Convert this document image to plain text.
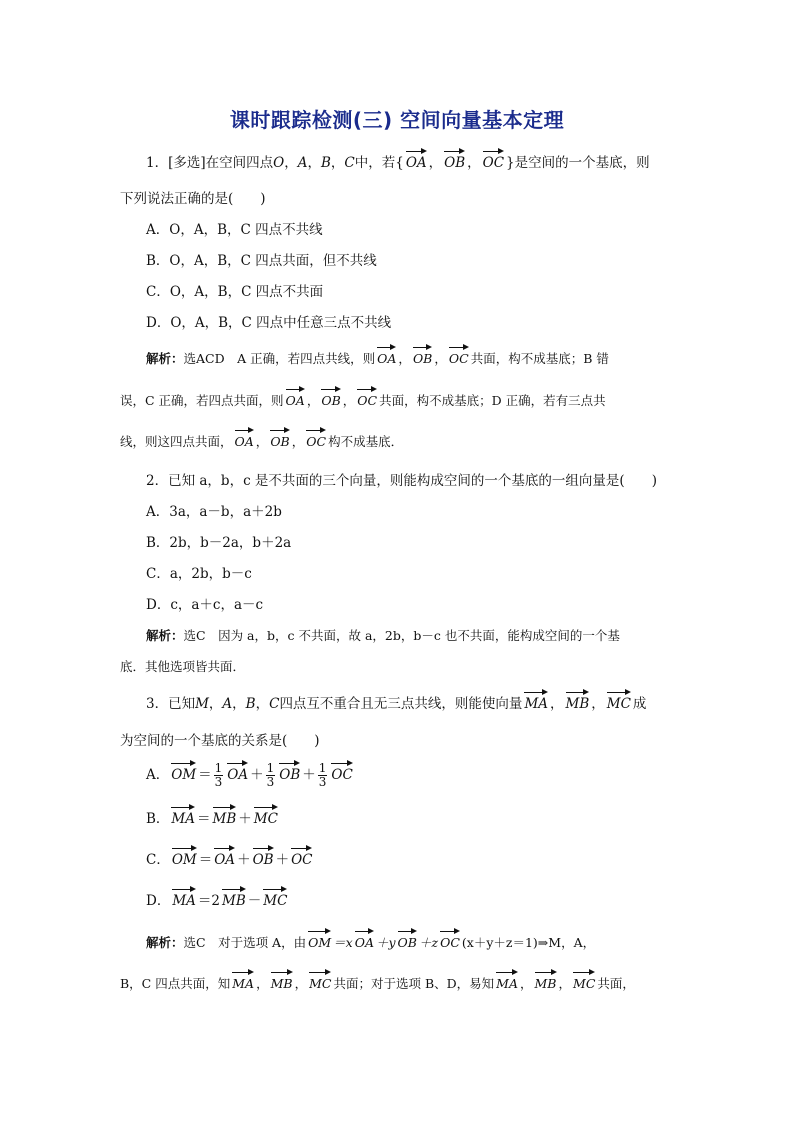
课时跟踪检测(三) 空间向量基本定理
1．[多选]在空间四点O，A，B，C中，若{ OA ， OB ， OC }是空间的一个基底，则
下列说法正确的是(　　)
A．O，A，B，C 四点不共线
B．O，A，B，C 四点共面，但不共线
C．O，A，B，C 四点不共面
D．O，A，B，C 四点中任意三点不共线
解析：选ACD　A 正确，若四点共线，则 OA ， OB ， OC 共面，构不成基底；B 错
误，C 正确，若四点共面，则 OA ， OB ， OC 共面，构不成基底；D 正确，若有三点共
线，则这四点共面， OA ， OB ， OC 构不成基底．
2．已知 a，b，c 是不共面的三个向量，则能构成空间的一个基底的一组向量是(　　)
A．3a，a－b，a＋2b
B．2b，b－2a，b＋2a
C．a，2b，b－c
D．c，a＋c，a－c
解析：选C　因为 a，b，c 不共面，故 a，2b，b－c 也不共面，能构成空间的一个基
底．其他选项皆共面．
3．已知M，A，B，C四点互不重合且无三点共线，则能使向量 MA ， MB ， MC 成
为空间的一个基底的关系是(　　)
A． OM ＝ $\frac{1}{3}$ OA ＋ $\frac{1}{3}$ OB ＋ $\frac{1}{3}$ OC
B． MA ＝ MB ＋ MC
C． OM ＝ OA ＋ OB ＋ OC
D． MA ＝2 MB － MC
解析：选C　对于选项 A，由 OM ＝x OA ＋y OB ＋z OC (x＋y＋z＝1)⇒M，A，
B，C 四点共面，知 MA ， MB ， MC 共面；对于选项 B、D，易知 MA ， MB ， MC 共面，
